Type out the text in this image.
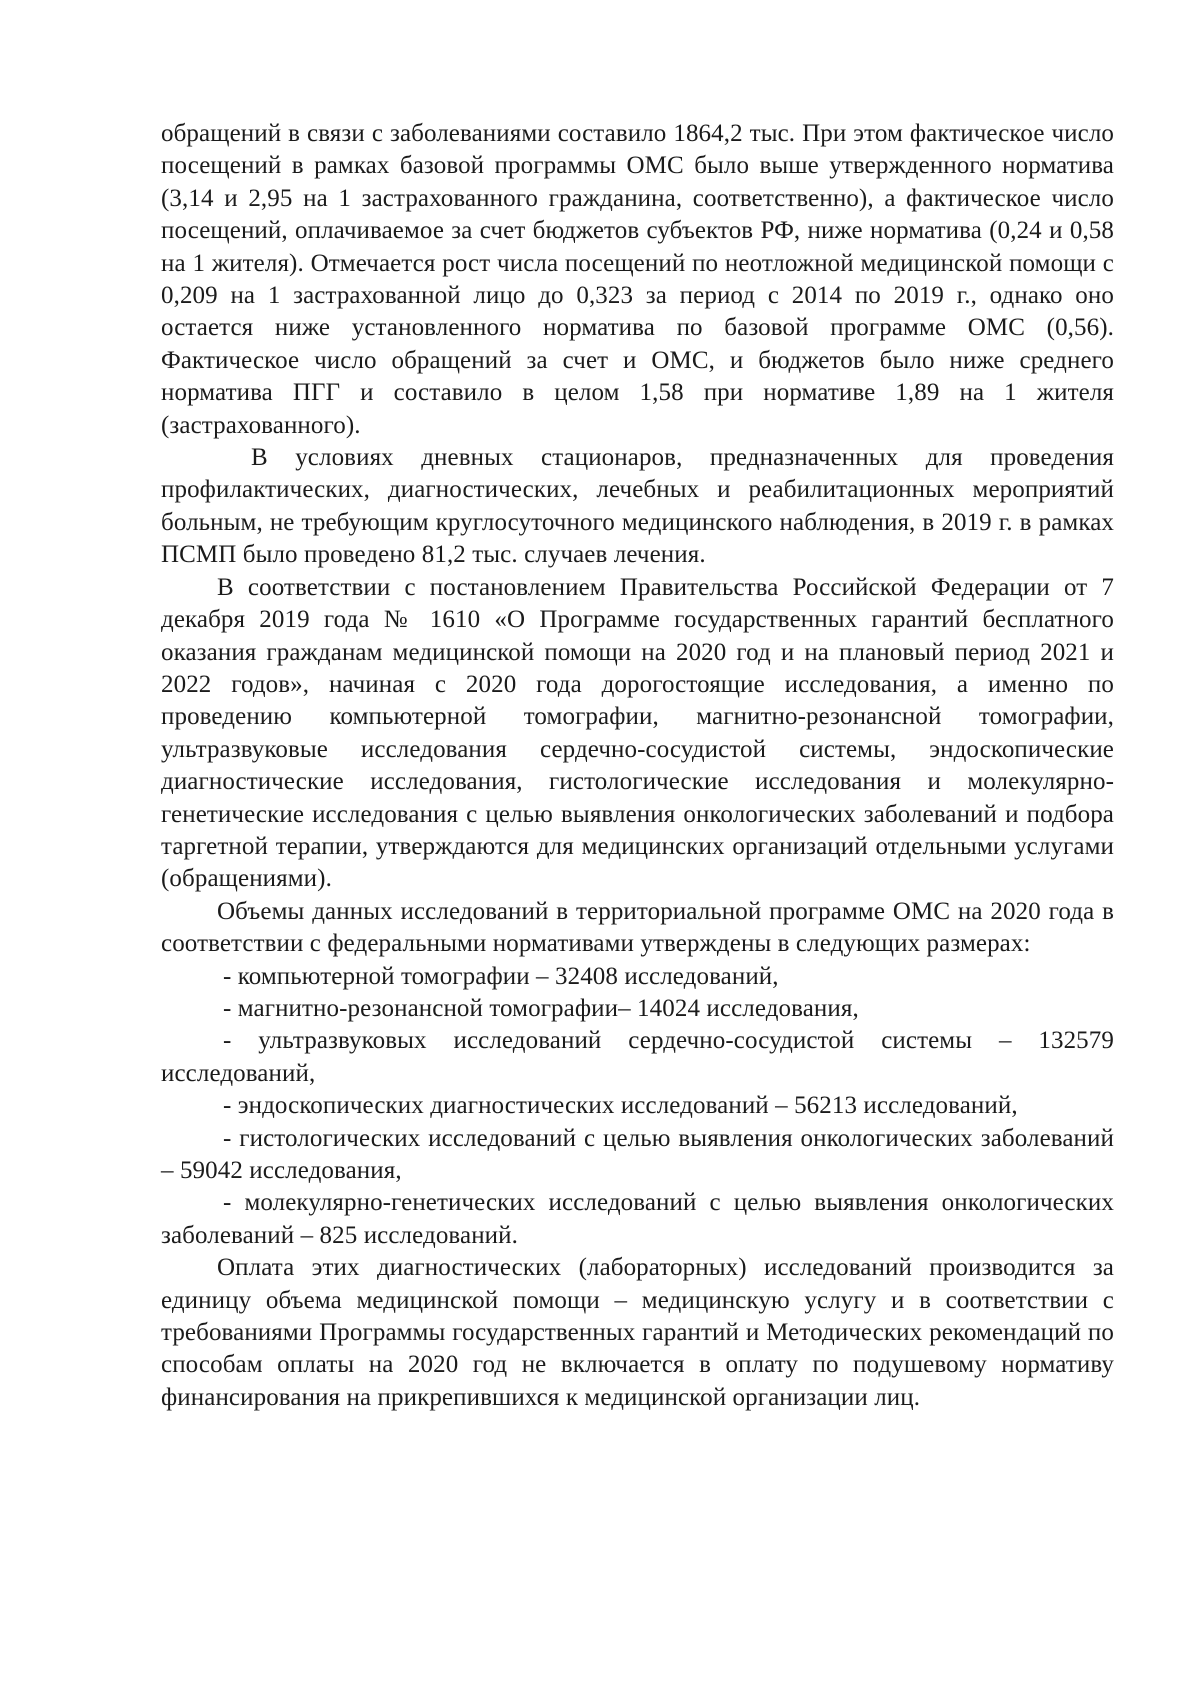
обращений в связи с заболеваниями составило 1864,2 тыс. При этом фактическое число посещений в рамках базовой программы ОМС было выше утвержденного норматива (3,14 и 2,95 на 1 застрахованного гражданина, соответственно), а фактическое число посещений, оплачиваемое за счет бюджетов субъектов РФ, ниже норматива (0,24 и 0,58 на 1 жителя). Отмечается рост числа посещений по неотложной медицинской помощи с 0,209 на 1 застрахованной лицо до 0,323 за период с 2014 по 2019 г., однако оно остается ниже установленного норматива по базовой программе ОМС (0,56). Фактическое число обращений за счет и ОМС, и бюджетов было ниже среднего норматива ПГГ и составило в целом 1,58 при нормативе 1,89 на 1 жителя (застрахованного).

В условиях дневных стационаров, предназначенных для проведения профилактических, диагностических, лечебных и реабилитационных мероприятий больным, не требующим круглосуточного медицинского наблюдения, в 2019 г. в рамках ПСМП было проведено 81,2 тыс. случаев лечения.

В соответствии с постановлением Правительства Российской Федерации от 7 декабря 2019 года № 1610 «О Программе государственных гарантий бесплатного оказания гражданам медицинской помощи на 2020 год и на плановый период 2021 и 2022 годов», начиная с 2020 года дорогостоящие исследования, а именно по проведению компьютерной томографии, магнитно-резонансной томографии, ультразвуковые исследования сердечно-сосудистой системы, эндоскопические диагностические исследования, гистологические исследования и молекулярно-генетические исследования с целью выявления онкологических заболеваний и подбора таргетной терапии, утверждаются для медицинских организаций отдельными услугами (обращениями).

Объемы данных исследований в территориальной программе ОМС на 2020 года в соответствии с федеральными нормативами утверждены в следующих размерах:

- компьютерной томографии – 32408 исследований,

- магнитно-резонансной томографии– 14024 исследования,

- ультразвуковых исследований сердечно-сосудистой системы – 132579 исследований,

- эндоскопических диагностических исследований – 56213 исследований,

- гистологических исследований с целью выявления онкологических заболеваний – 59042 исследования,

- молекулярно-генетических исследований с целью выявления онкологических заболеваний – 825 исследований.

Оплата этих диагностических (лабораторных) исследований производится за единицу объема медицинской помощи – медицинскую услугу и в соответствии с требованиями Программы государственных гарантий и Методических рекомендаций по способам оплаты на 2020 год не включается в оплату по подушевому нормативу финансирования на прикрепившихся к медицинской организации лиц.
